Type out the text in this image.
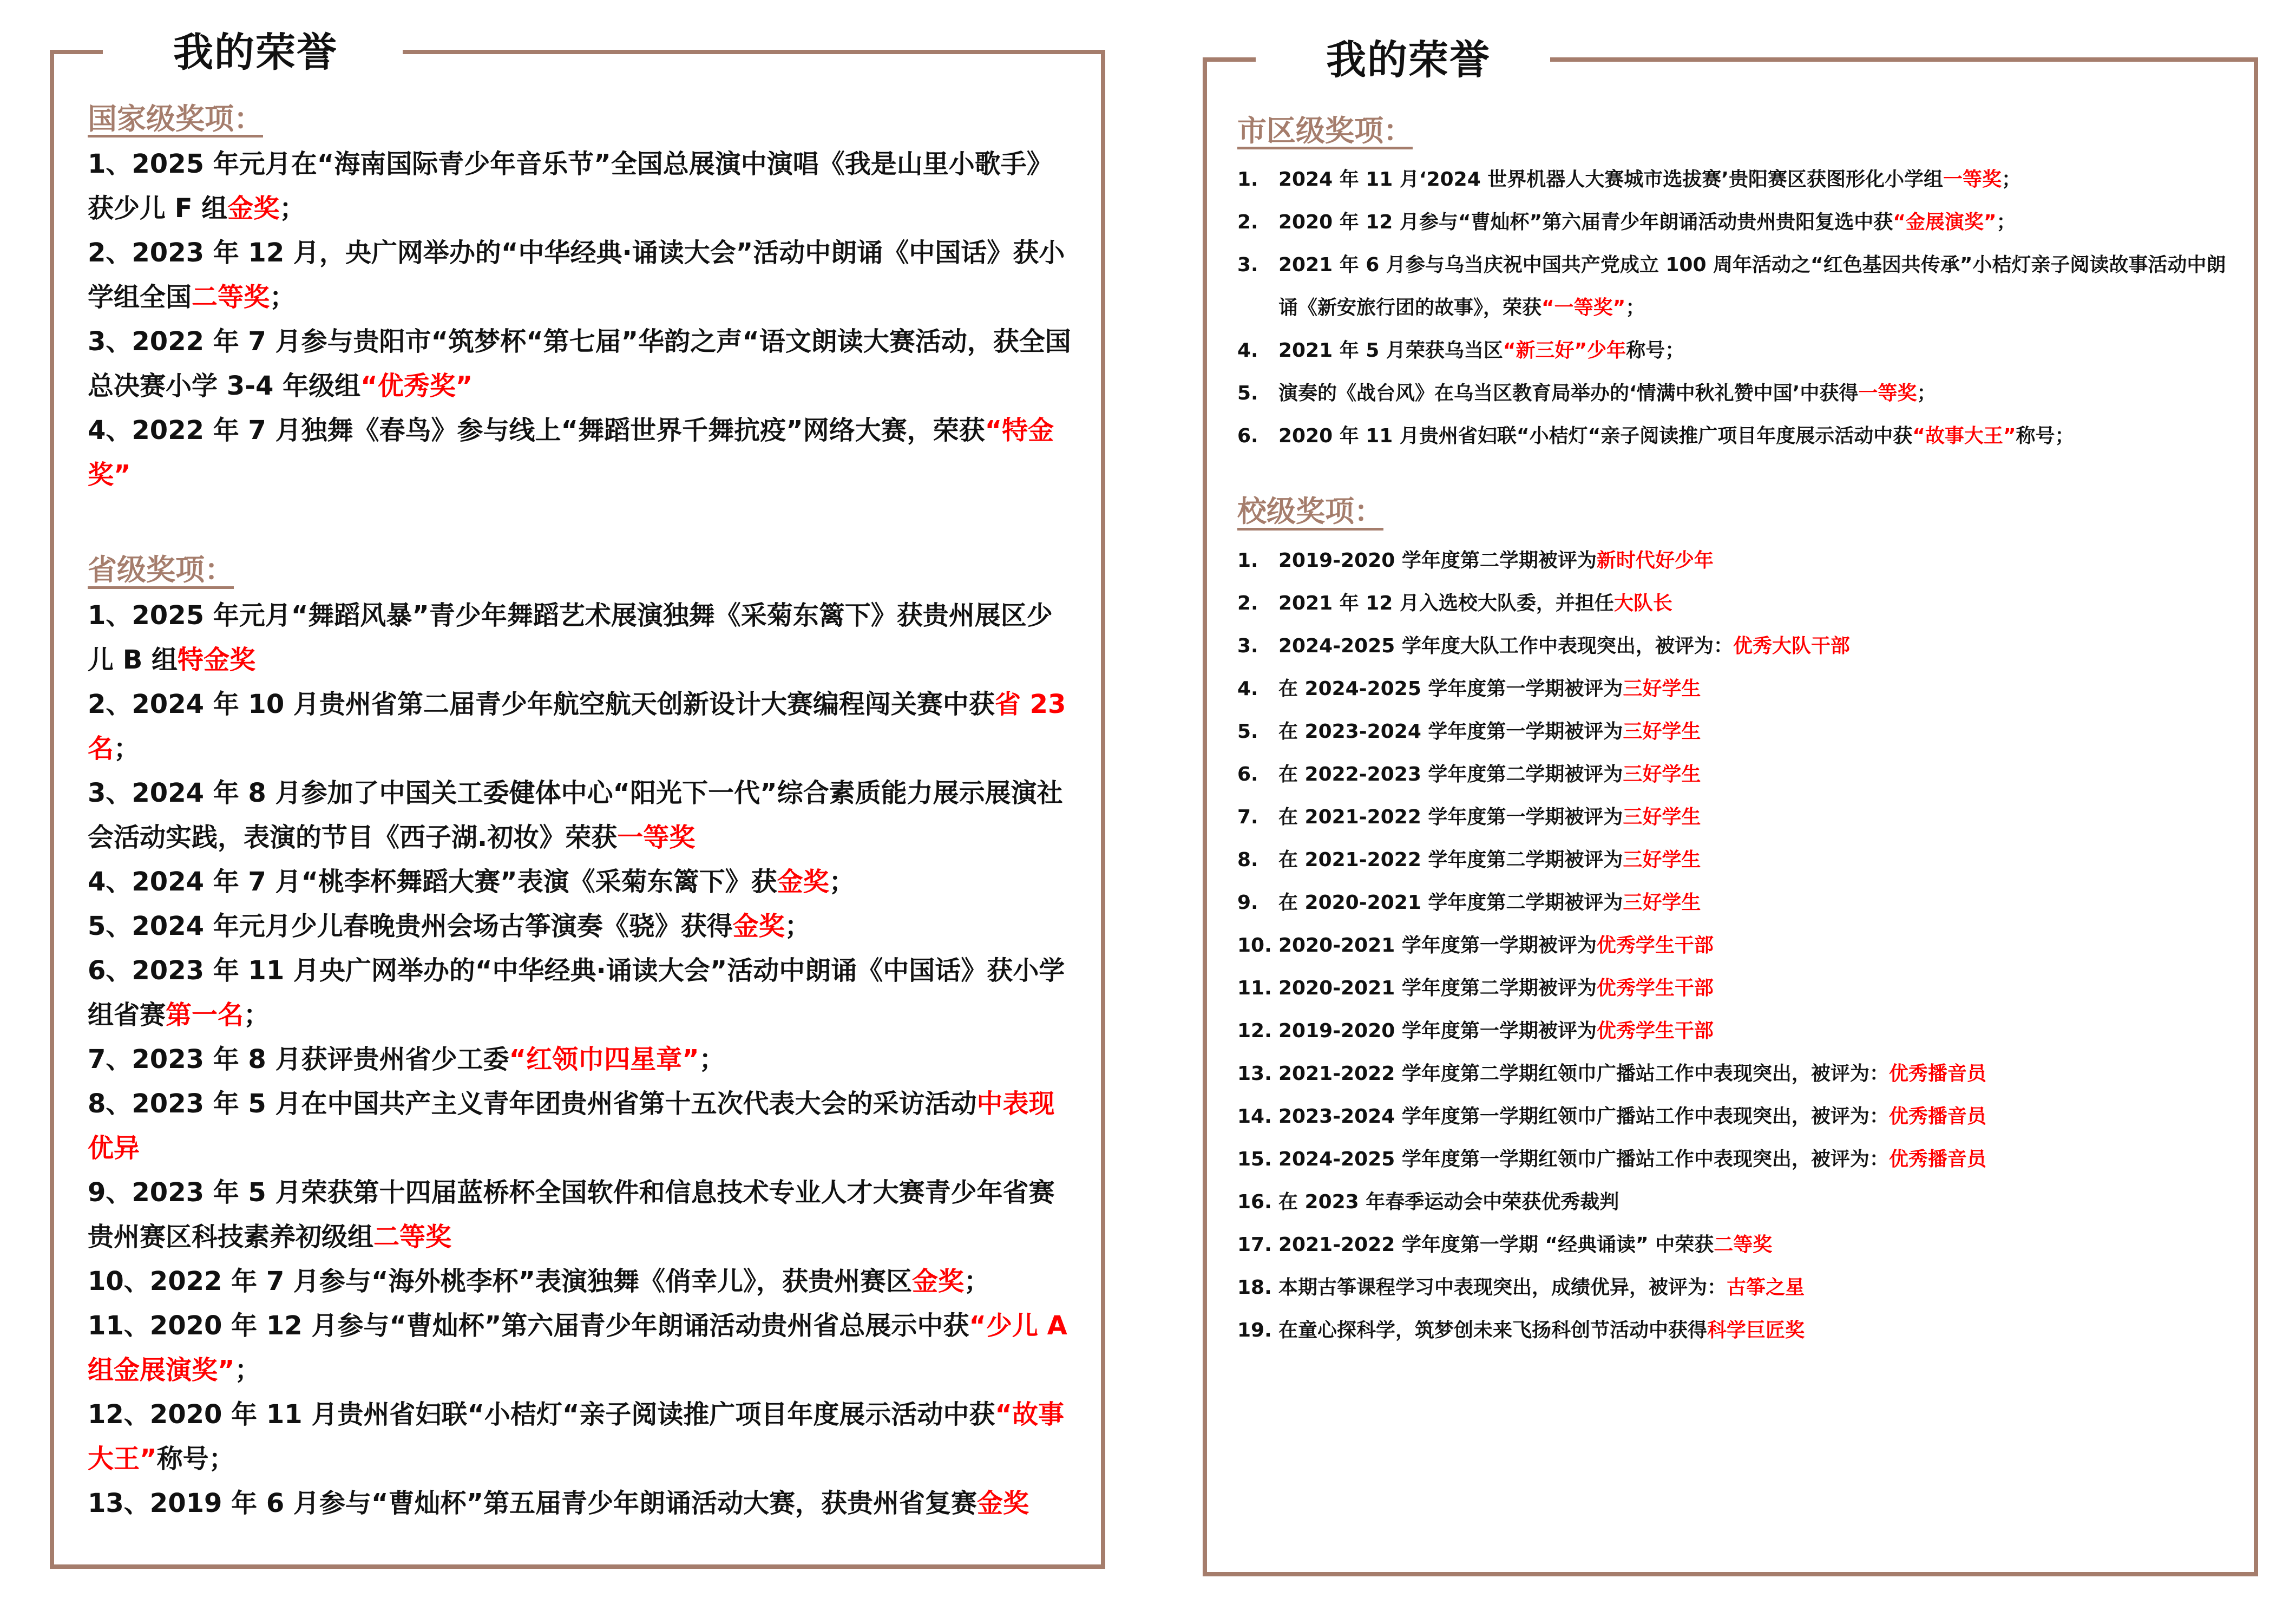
我的荣誉
国家级奖项：
1、2025 年元月在“海南国际青少年音乐节”全国总展演中演唱《我是山里小歌手》获少儿 F 组金奖；
2、2023 年 12 月，央广网举办的“中华经典·诵读大会”活动中朗诵《中国话》获小学组全国二等奖；
3、2022 年 7 月参与贵阳市“筑梦杯“第七届”华韵之声“语文朗读大赛活动，获全国总决赛小学 3-4 年级组“优秀奖”
4、2022 年 7 月独舞《春鸟》参与线上“舞蹈世界千舞抗疫”网络大赛，荣获“特金奖”
省级奖项：
1、2025 年元月“舞蹈风暴”青少年舞蹈艺术展演独舞《采菊东篱下》获贵州展区少儿 B 组特金奖
2、2024 年 10 月贵州省第二届青少年航空航天创新设计大赛编程闯关赛中获省 23 名；
3、2024 年 8 月参加了中国关工委健体中心“阳光下一代”综合素质能力展示展演社会活动实践，表演的节目《西子湖.初妆》荣获一等奖
4、2024 年 7 月“桃李杯舞蹈大赛”表演《采菊东篱下》获金奖；
5、2024 年元月少儿春晚贵州会场古筝演奏《骁》获得金奖；
6、2023 年 11 月央广网举办的“中华经典·诵读大会”活动中朗诵《中国话》获小学组省赛第一名；
7、2023 年 8 月获评贵州省少工委“红领巾四星章”；
8、2023 年 5 月在中国共产主义青年团贵州省第十五次代表大会的采访活动中表现优异
9、2023 年 5 月荣获第十四届蓝桥杯全国软件和信息技术专业人才大赛青少年省赛贵州赛区科技素养初级组二等奖
10、2022 年 7 月参与“海外桃李杯”表演独舞《俏幸儿》，获贵州赛区金奖；
11、2020 年 12 月参与“曹灿杯”第六届青少年朗诵活动贵州省总展示中获“少儿 A 组金展演奖”；
12、2020 年 11 月贵州省妇联“小桔灯“亲子阅读推广项目年度展示活动中获“故事大王”称号；
13、2019 年 6 月参与“曹灿杯”第五届青少年朗诵活动大赛，获贵州省复赛金奖
我的荣誉
市区级奖项：
1.	2024 年 11 月‘2024 世界机器人大赛城市选拔赛’贵阳赛区获图形化小学组一等奖；
2.	2020 年 12 月参与“曹灿杯”第六届青少年朗诵活动贵州贵阳复选中获“金展演奖”；
3.	2021 年 6 月参与乌当庆祝中国共产党成立 100 周年活动之“红色基因共传承”小桔灯亲子阅读故事活动中朗诵《新安旅行团的故事》，荣获“一等奖”；
4.	2021 年 5 月荣获乌当区“新三好”少年称号；
5.	演奏的《战台风》在乌当区教育局举办的‘情满中秋礼赞中国’中获得一等奖；
6.	2020 年 11 月贵州省妇联“小桔灯“亲子阅读推广项目年度展示活动中获“故事大王”称号；
校级奖项：
1.	2019-2020 学年度第二学期被评为新时代好少年
2.	2021 年 12 月入选校大队委，并担任大队长
3.	2024-2025 学年度大队工作中表现突出，被评为：优秀大队干部
4.	在 2024-2025 学年度第一学期被评为三好学生
5.	在 2023-2024 学年度第一学期被评为三好学生
6.	在 2022-2023 学年度第二学期被评为三好学生
7.	在 2021-2022 学年度第一学期被评为三好学生
8.	在 2021-2022 学年度第二学期被评为三好学生
9.	在 2020-2021 学年度第二学期被评为三好学生
10. 2020-2021 学年度第一学期被评为优秀学生干部
11. 2020-2021 学年度第二学期被评为优秀学生干部
12. 2019-2020 学年度第一学期被评为优秀学生干部
13. 2021-2022 学年度第二学期红领巾广播站工作中表现突出，被评为：优秀播音员
14. 2023-2024 学年度第一学期红领巾广播站工作中表现突出，被评为：优秀播音员
15. 2024-2025 学年度第一学期红领巾广播站工作中表现突出，被评为：优秀播音员
16. 在 2023 年春季运动会中荣获优秀裁判
17. 2021-2022 学年度第一学期 “经典诵读” 中荣获二等奖
18. 本期古筝课程学习中表现突出，成绩优异，被评为：古筝之星
19. 在童心探科学，筑梦创未来飞扬科创节活动中获得科学巨匠奖
